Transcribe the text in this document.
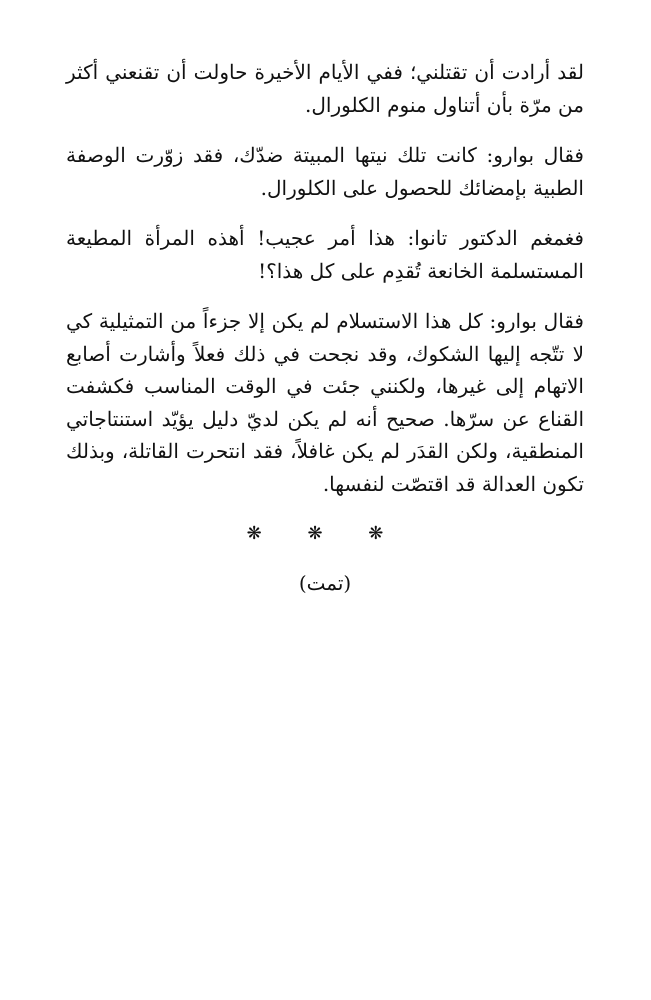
لقد أرادت أن تقتلني؛ ففي الأيام الأخيرة حاولت أن تقنعني أكثر من مرّة بأن أتناول منوم الكلورال.

فقال بوارو: كانت تلك نيتها المبيتة ضدّك، فقد زوّرت الوصفة الطبية بإمضائك للحصول على الكلورال.

فغمغم الدكتور تانوا: هذا أمر عجيب! أهذه المرأة المطيعة المستسلمة الخانعة تُقدِم على كل هذا؟!

فقال بوارو: كل هذا الاستسلام لم يكن إلا جزءاً من التمثيلية كي لا تتّجه إليها الشكوك، وقد نجحت في ذلك فعلاً وأشارت أصابع الاتهام إلى غيرها، ولكنني جئت في الوقت المناسب فكشفت القناع عن سرّها. صحيح أنه لم يكن لديّ دليل يؤيّد استنتاجاتي المنطقية، ولكن القدَر لم يكن غافلاً، فقد انتحرت القاتلة، وبذلك تكون العدالة قد اقتصّت لنفسها.

❋ ❋ ❋
(تمت)
